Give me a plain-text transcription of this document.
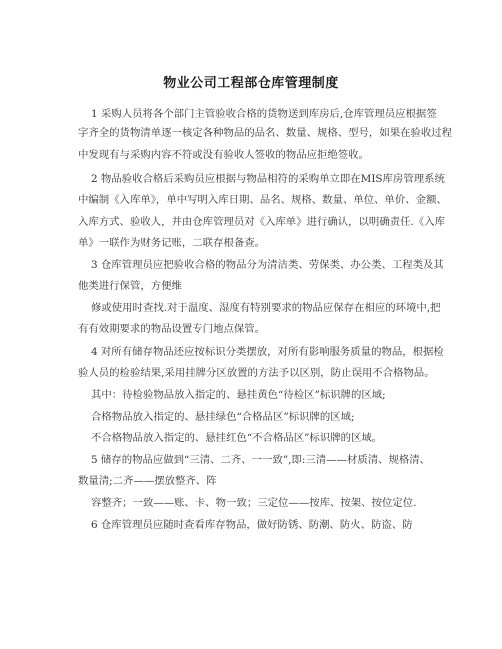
物业公司工程部仓库管理制度
1 采购人员将各个部门主管验收合格的货物送到库房后,仓库管理员应根据签
字齐全的货物清单逐一核定各种物品的品名、数量、规格、型号，如果在验收过程
中发现有与采购内容不符或没有验收人签收的物品应拒绝签收。
2 物品验收合格后采购员应根据与物品相符的采购单立即在MIS库房管理系统
中编制《入库单》，单中写明入库日期、品名、规格、数量、单位、单价、金额、
入库方式、验收人，并由仓库管理员对《入库单》进行确认，以明确责任.《入库
单》一联作为财务记账，二联存根备查。
3 仓库管理员应把验收合格的物品分为清洁类、劳保类、办公类、工程类及其
他类进行保管，方便维
修或使用时查找.对于温度、湿度有特别要求的物品应保存在相应的环境中,把
有有效期要求的物品设置专门地点保管。
4 对所有储存物品还应按标识分类摆放，对所有影响服务质量的物品，根据检
验人员的检验结果,采用挂牌分区放置的方法予以区别，防止误用不合格物品。
其中：待检验物品放入指定的、悬挂黄色“待检区”标识牌的区域;
合格物品放入指定的、悬挂绿色“合格品区”标识牌的区域;
不合格物品放入指定的、悬挂红色“不合格品区”标识牌的区域。
5 储存的物品应做到“三清、二齐、一一致”,即:三清——材质清、规格清、
数量清;二齐——摆放整齐、阵
容整齐；一致——账、卡、物一致；三定位——按库、按架、按位定位.
6 仓库管理员应随时查看库存物品，做好防锈、防潮、防火、防盗、防
